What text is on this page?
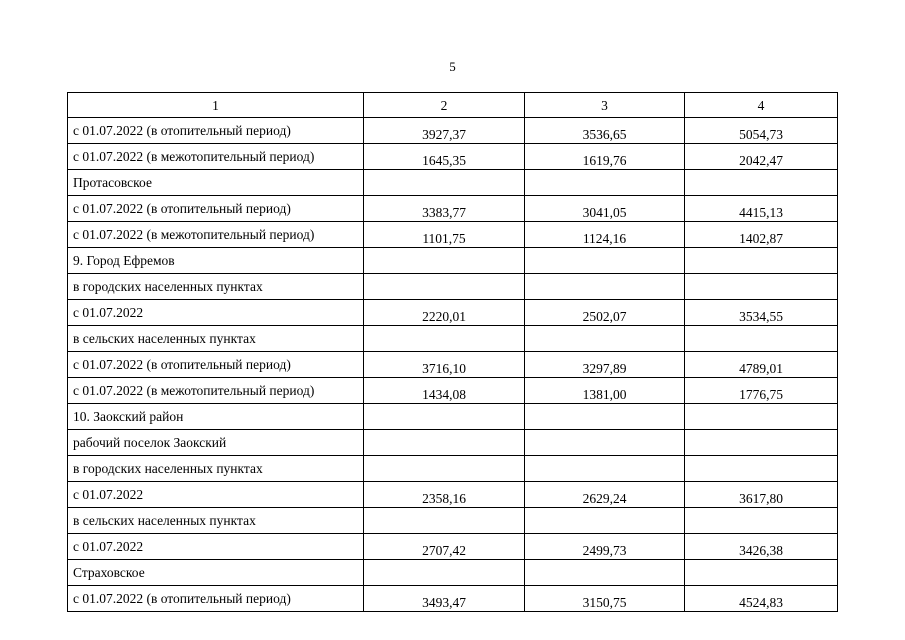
5
1	2	3	4
с 01.07.2022 (в отопительный период)	3927,37	3536,65	5054,73
с 01.07.2022 (в межотопительный период)	1645,35	1619,76	2042,47
Протасовское			
с 01.07.2022 (в отопительный период)	3383,77	3041,05	4415,13
с 01.07.2022 (в межотопительный период)	1101,75	1124,16	1402,87
9. Город Ефремов			
в городских населенных пунктах			
с 01.07.2022	2220,01	2502,07	3534,55
в сельских населенных пунктах			
с 01.07.2022 (в отопительный период)	3716,10	3297,89	4789,01
с 01.07.2022 (в межотопительный период)	1434,08	1381,00	1776,75
10. Заокский район			
рабочий поселок Заокский			
в городских населенных пунктах			
с 01.07.2022	2358,16	2629,24	3617,80
в сельских населенных пунктах			
с 01.07.2022	2707,42	2499,73	3426,38
Страховское			
с 01.07.2022 (в отопительный период)	3493,47	3150,75	4524,83
